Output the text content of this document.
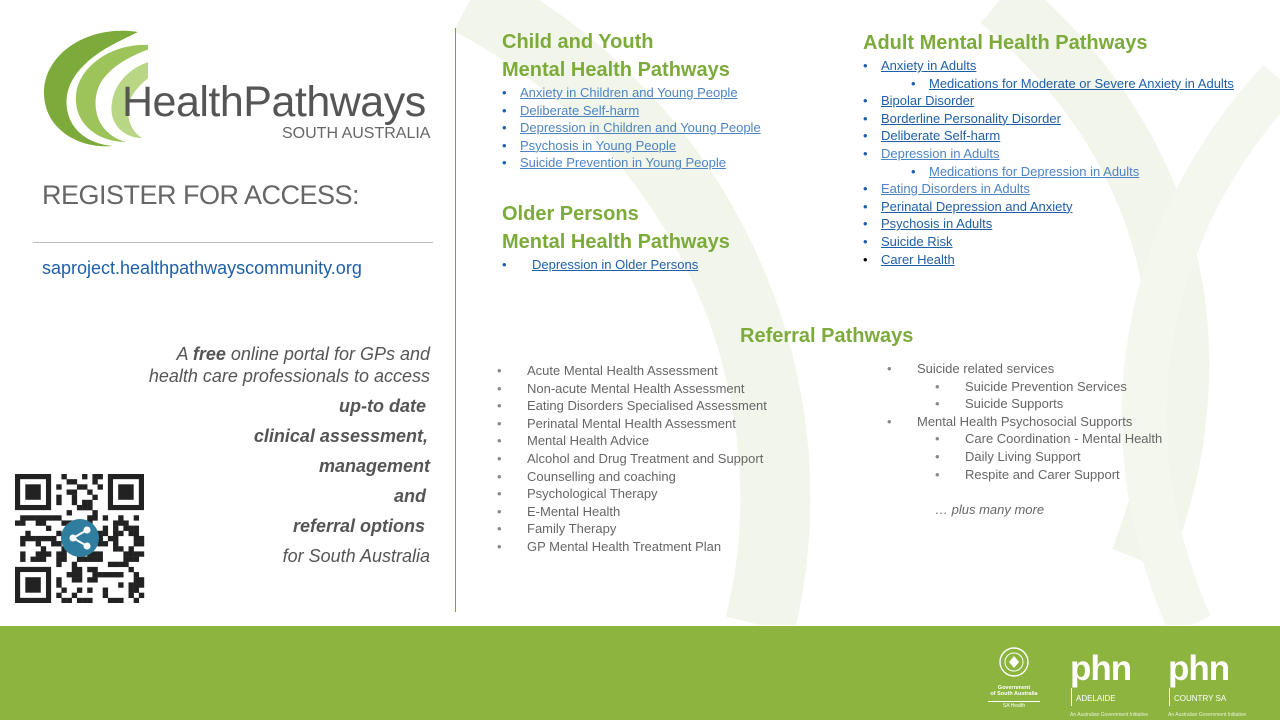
HealthPathways
SOUTH AUSTRALIA
REGISTER FOR ACCESS:
saproject.healthpathwayscommunity.org
A free online portal for GPs and
health care professionals to access
up-to date
clinical assessment,
management
and
referral options
for South Australia
Child and Youth
Mental Health Pathways
• Anxiety in Children and Young People
• Deliberate Self-harm
• Depression in Children and Young People
• Psychosis in Young People
• Suicide Prevention in Young People
Older Persons
Mental Health Pathways
• Depression in Older Persons
Adult Mental Health Pathways
• Anxiety in Adults
• Medications for Moderate or Severe Anxiety in Adults
• Bipolar Disorder
• Borderline Personality Disorder
• Deliberate Self-harm
• Depression in Adults
• Medications for Depression in Adults
• Eating Disorders in Adults
• Perinatal Depression and Anxiety
• Psychosis in Adults
• Suicide Risk
• Carer Health
Referral Pathways
• Acute Mental Health Assessment
• Non-acute Mental Health Assessment
• Eating Disorders Specialised Assessment
• Perinatal Mental Health Assessment
• Mental Health Advice
• Alcohol and Drug Treatment and Support
• Counselling and coaching
• Psychological Therapy
• E-Mental Health
• Family Therapy
• GP Mental Health Treatment Plan
• Suicide related services
• Suicide Prevention Services
• Suicide Supports
• Mental Health Psychosocial Supports
• Care Coordination - Mental Health
• Daily Living Support
• Respite and Carer Support
… plus many more
Government
of South Australia
SA Health
phn
ADELAIDE
An Australian Government Initiative
phn
COUNTRY SA
An Australian Government Initiative
